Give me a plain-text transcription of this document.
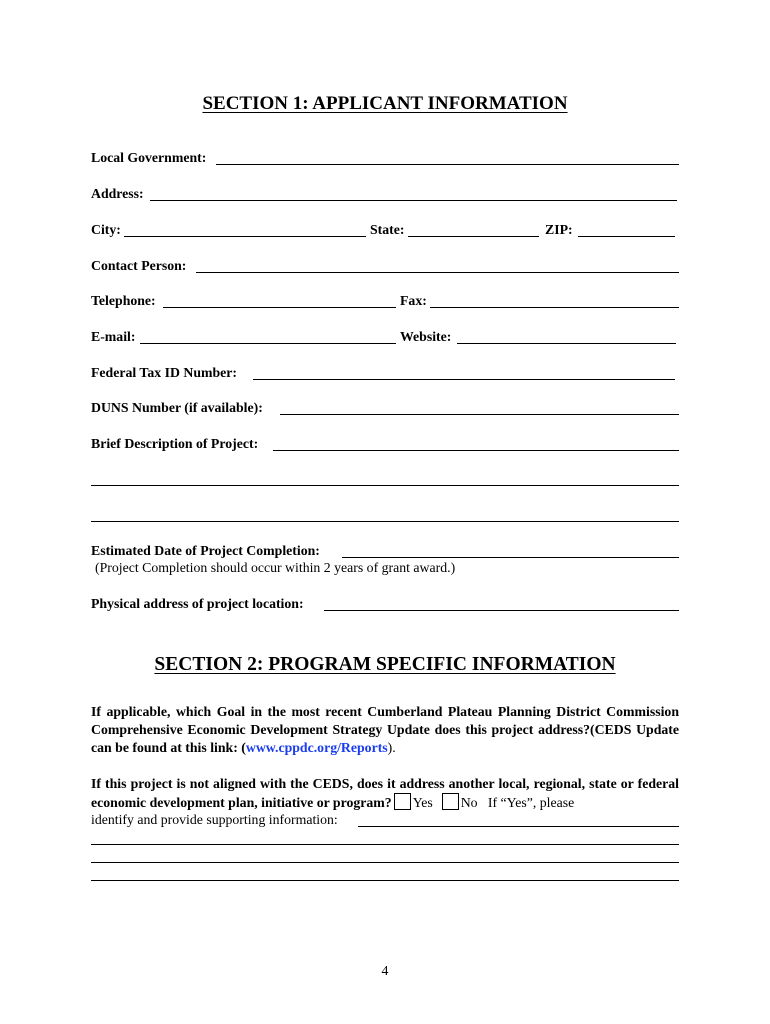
SECTION 1: APPLICANT INFORMATION
Local Government:
Address:
City:	State:	ZIP:
Contact Person:
Telephone:	Fax:
E-mail:	Website:
Federal Tax ID Number:
DUNS Number (if available):
Brief Description of Project:
Estimated Date of Project Completion:
(Project Completion should occur within 2 years of grant award.)
Physical address of project location:
SECTION 2: PROGRAM SPECIFIC INFORMATION
If applicable, which Goal in the most recent Cumberland Plateau Planning District Commission Comprehensive Economic Development Strategy Update does this project address?(CEDS Update can be found at this link: (www.cppdc.org/Reports).
If this project is not aligned with the CEDS, does it address another local, regional, state or federal economic development plan, initiative or program? Yes No If “Yes”, please
identify and provide supporting information:
4
